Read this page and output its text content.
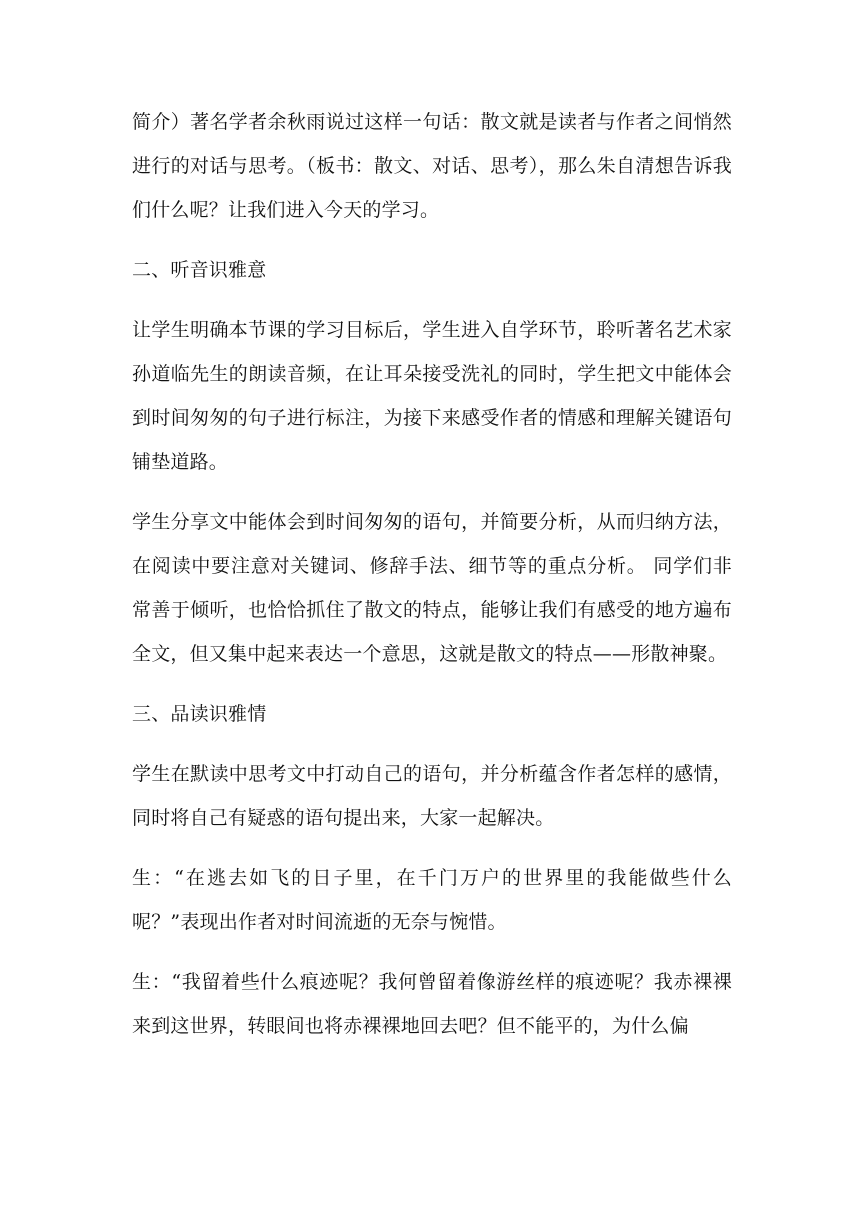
简介）著名学者余秋雨说过这样一句话：散文就是读者与作者之间悄然进行的对话与思考。（板书：散文、对话、思考），那么朱自清想告诉我们什么呢？让我们进入今天的学习。

二、听音识雅意

让学生明确本节课的学习目标后，学生进入自学环节，聆听著名艺术家孙道临先生的朗读音频，在让耳朵接受洗礼的同时，学生把文中能体会到时间匆匆的句子进行标注，为接下来感受作者的情感和理解关键语句铺垫道路。

学生分享文中能体会到时间匆匆的语句，并简要分析，从而归纳方法，在阅读中要注意对关键词、修辞手法、细节等的重点分析。 同学们非常善于倾听，也恰恰抓住了散文的特点，能够让我们有感受的地方遍布全文，但又集中起来表达一个意思，这就是散文的特点——形散神聚。

三、品读识雅情

学生在默读中思考文中打动自己的语句，并分析蕴含作者怎样的感情，同时将自己有疑惑的语句提出来，大家一起解决。

生：“在逃去如飞的日子里，在千门万户的世界里的我能做些什么呢？”表现出作者对时间流逝的无奈与惋惜。

生：“我留着些什么痕迹呢？我何曾留着像游丝样的痕迹呢？我赤裸裸来到这世界，转眼间也将赤裸裸地回去吧？但不能平的，为什么偏
